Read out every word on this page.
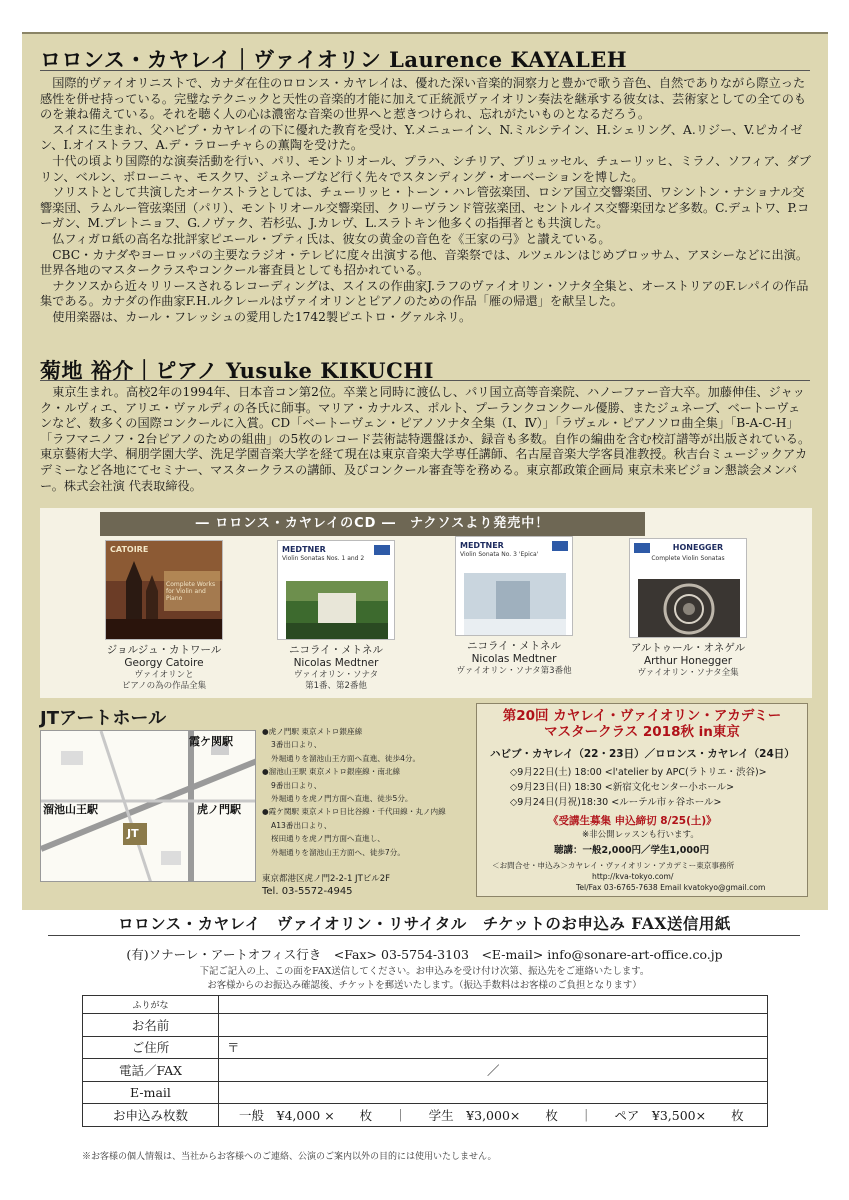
ロロンス・カヤレイ｜ヴァイオリン Laurence KAYALEH

国際的ヴァイオリニストで、カナダ在住のロロンス・カヤレイは、優れた深い音楽的洞察力と豊かで歌う音色、自然でありながら際立った感性を併せ持っている。完璧なテクニックと天性の音楽的才能に加えて正統派ヴァイオリン奏法を継承する彼女は、芸術家としての全てのものを兼ね備えている。それを聴く人の心は濃密な音楽の世界へと惹きつけられ、忘れがたいものとなるだろう。

スイスに生まれ、父ハビブ・カヤレイの下に優れた教育を受け、Y.メニューイン、N.ミルシテイン、H.シェリング、A.リジー、V.ピカイゼン、I.オイストラフ、A.デ・ラローチャらの薫陶を受けた。

十代の頃より国際的な演奏活動を行い、パリ、モントリオール、プラハ、シチリア、ブリュッセル、チューリッヒ、ミラノ、ソフィア、ダブリン、ベルン、ボローニャ、モスクワ、ジュネーブなど行く先々でスタンディング・オーベーションを博した。

ソリストとして共演したオーケストラとしては、チューリッヒ・トーン・ハレ管弦楽団、ロシア国立交響楽団、ワシントン・ナショナル交響楽団、ラムルー管弦楽団（パリ）、モントリオール交響楽団、クリーヴランド管弦楽団、セントルイス交響楽団など多数。C.デュトワ、P.コーガン、M.プレトニョフ、G.ノヴァク、若杉弘、J.カレヴ、L.スラトキン他多くの指揮者とも共演した。

仏フィガロ紙の高名な批評家ピエール・プティ氏は、彼女の黄金の音色を《王家の弓》と讃えている。

CBC・カナダやヨーロッパの主要なラジオ・テレビに度々出演する他、音楽祭では、ルツェルンはじめブロッサム、アヌシーなどに出演。世界各地のマスタークラスやコンクール審査員としても招かれている。

ナクソスから近々リリースされるレコーディングは、スイスの作曲家J.ラフのヴァイオリン・ソナタ全集と、オーストリアのF.レパイの作品集である。カナダの作曲家F.H.ルクレールはヴァイオリンとピアノのための作品「雁の帰還」を献呈した。

使用楽器は、カール・フレッシュの愛用した1742製ピエトロ・グァルネリ。

菊地 裕介｜ピアノ Yusuke KIKUCHI

東京生まれ。高校2年の1994年、日本音コン第2位。卒業と同時に渡仏し、パリ国立高等音楽院、ハノーファー音大卒。加藤伸佳、ジャック・ルヴィエ、アリエ・ヴァルディの各氏に師事。マリア・カナルス、ポルト、プーランクコンクール優勝、またジュネーブ、ベートーヴェンなど、数多くの国際コンクールに入賞。CD「ベートーヴェン・ピアノソナタ全集（Ⅰ、Ⅳ）」「ラヴェル・ピアノソロ曲全集」「B-A-C-H」「ラフマニノフ・2台ピアノのための組曲」の5枚のレコード芸術誌特選盤ほか、録音も多数。自作の編曲を含む校訂譜等が出版されている。東京藝術大学、桐朋学園大学、洗足学園音楽大学を経て現在は東京音楽大学専任講師、名古屋音楽大学客員准教授。秋吉台ミュージックアカデミーなど各地にてセミナー、マスタークラスの講師、及びコンクール審査等を務める。東京都政策企画局 東京未来ビジョン懇談会メンバー。株式会社演 代表取締役。

― ロロンス・カヤレイのCD ―　ナクソスより発売中！
CATOIRE
Complete Works for Violin and Piano
ジョルジュ・カトワール
Georgy Catoire
ヴァイオリンと
ピアノの為の作品全集
MEDTNER
Violin Sonatas Nos. 1 and 2
ニコライ・メトネル
Nicolas Medtner
ヴァイオリン・ソナタ
第1番、第2番他
MEDTNER
Violin Sonata No. 3 'Epica'
ニコライ・メトネル
Nicolas Medtner
ヴァイオリン・ソナタ第3番他
HONEGGER
Complete Violin Sonatas
アルトゥール・オネゲル
Arthur Honegger
ヴァイオリン・ソナタ全集
JTアートホール
霞ケ関駅
虎ノ門駅
溜池山王駅
JT
●虎ノ門駅 東京メトロ銀座線
3番出口より、
外堀通りを溜池山王方面へ直進、徒歩4分。
●溜池山王駅 東京メトロ銀座線・南北線
9番出口より、
外堀通りを虎ノ門方面へ直進、徒歩5分。
●霞ケ関駅 東京メトロ日比谷線・千代田線・丸ノ内線
A13番出口より、
桜田通りを虎ノ門方面へ直進し、
外堀通りを溜池山王方面へ、徒歩7分。
東京都港区虎ノ門2-2-1 JTビル2F
Tel. 03-5572-4945
第20回 カヤレイ・ヴァイオリン・アカデミー
マスタークラス 2018秋 in東京
ハビブ・カヤレイ（22・23日）／ロロンス・カヤレイ（24日）
◇9月22日(土) 18:00 <l'atelier by APC(ラトリエ・渋谷)>
◇9月23日(日) 18:30 <新宿文化センター小ホール>
◇9月24日(月祝)18:30 <ルーテル市ヶ谷ホール>
《受講生募集 申込締切 8/25(土)》
※非公開レッスンも行います。
聴講：一般2,000円／学生1,000円
＜お問合せ・申込み＞カヤレイ・ヴァイオリン・アカデミー東京事務所
http://kva-tokyo.com/
Tel/Fax 03-6765-7638 Email kvatokyo@gmail.com
ロロンス・カヤレイ　ヴァイオリン・リサイタル　チケットのお申込み FAX送信用紙
(有)ソナーレ・アートオフィス行き　<Fax> 03-5754-3103　<E-mail> info@sonare-art-office.co.jp
下記ご記入の上、この面をFAX送信してください。お申込みを受け付け次第、振込先をご連絡いたします。
お客様からのお振込み確認後、チケットを郵送いたします。（振込手数料はお客様のご負担となります）
ふりがな	
お名前	
ご住所	〒
電話／FAX	／
E-mail	
お申込み枚数	一般　¥4,000 ×　　枚 ｜ 学生　¥3,000×　　枚 ｜ ペア　¥3,500×　　枚
※お客様の個人情報は、当社からお客様へのご連絡、公演のご案内以外の目的には使用いたしません。
